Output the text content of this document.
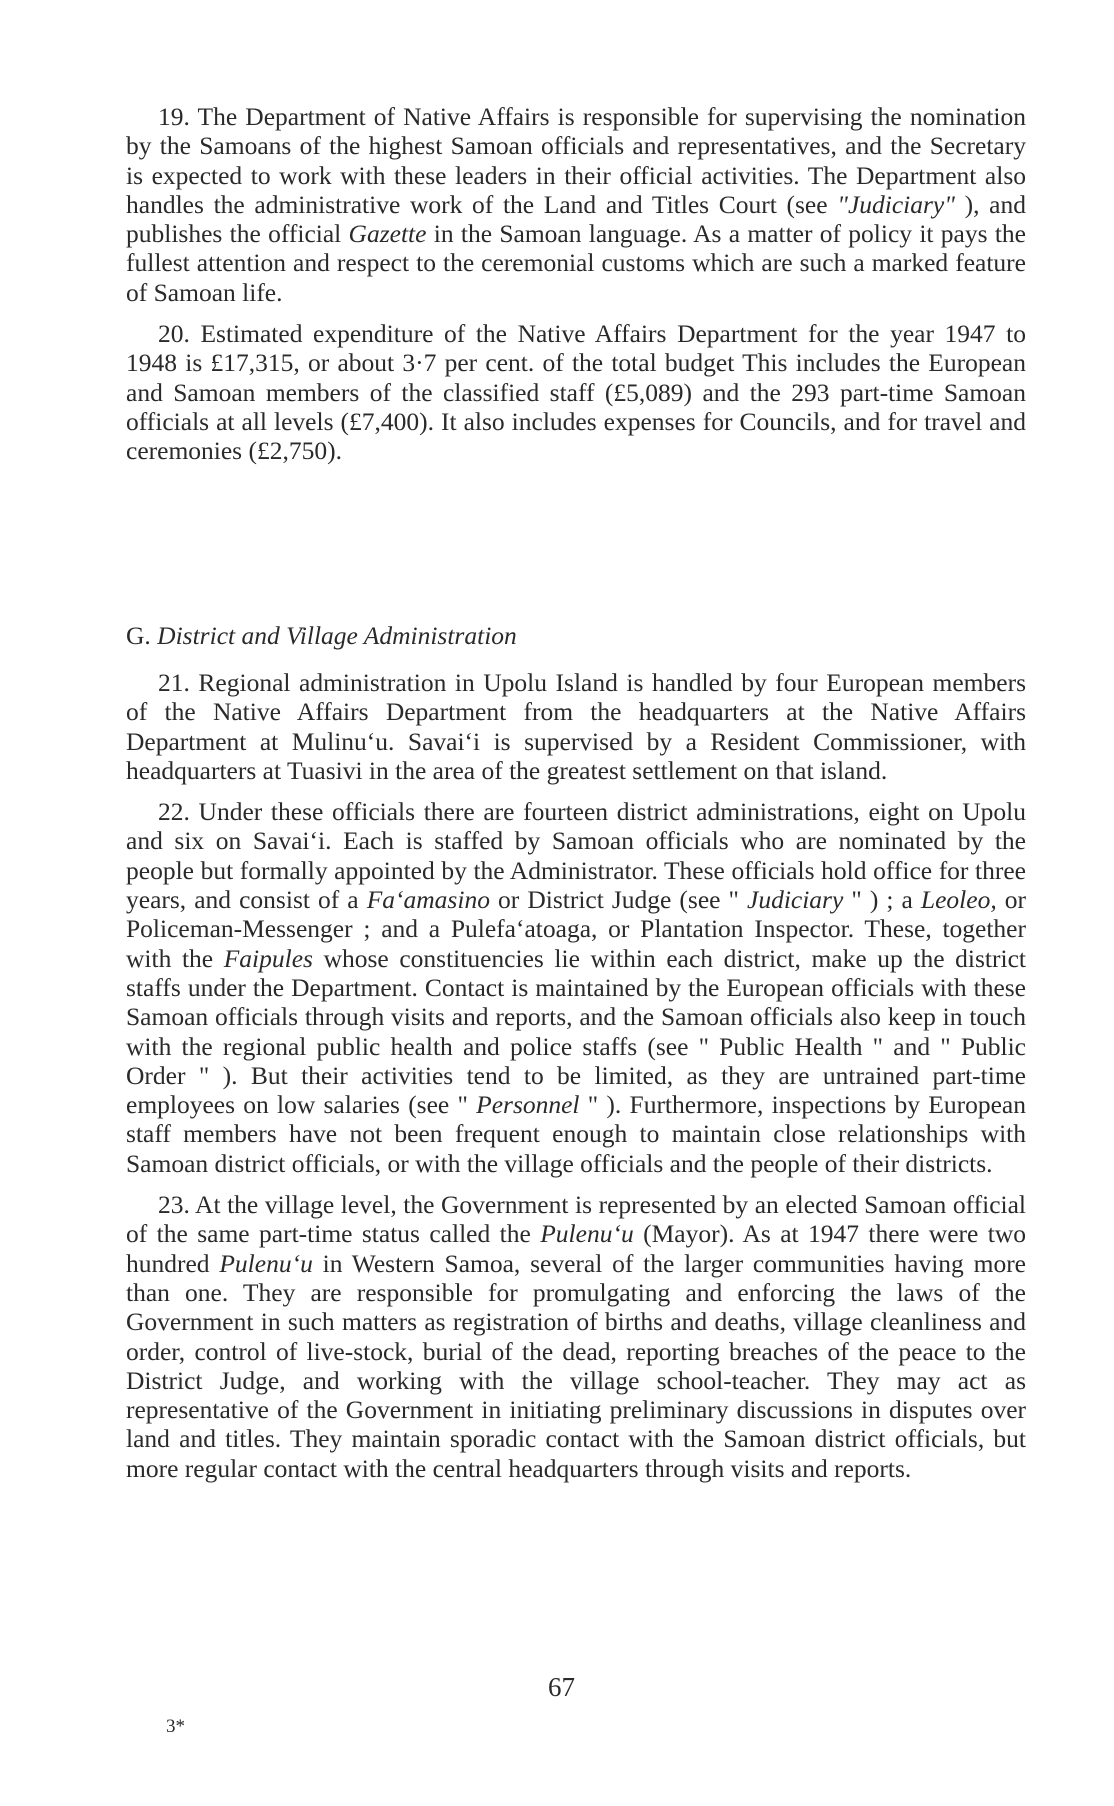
19. The Department of Native Affairs is responsible for supervising the nomination by the Samoans of the highest Samoan officials and representatives, and the Secretary is expected to work with these leaders in their official activities. The Department also handles the administrative work of the Land and Titles Court (see "Judiciary" ), and publishes the official Gazette in the Samoan language. As a matter of policy it pays the fullest attention and respect to the ceremonial customs which are such a marked feature of Samoan life.

20. Estimated expenditure of the Native Affairs Department for the year 1947 to 1948 is £17,315, or about 3·7 per cent. of the total budget This includes the European and Samoan members of the classified staff (£5,089) and the 293 part-time Samoan officials at all levels (£7,400). It also includes expenses for Councils, and for travel and ceremonies (£2,750).

G. District and Village Administration

21. Regional administration in Upolu Island is handled by four European members of the Native Affairs Department from the headquarters at the Native Affairs Department at Mulinu‘u. Savai‘i is supervised by a Resident Commissioner, with headquarters at Tuasivi in the area of the greatest settlement on that island.

22. Under these officials there are fourteen district administrations, eight on Upolu and six on Savai‘i. Each is staffed by Samoan officials who are nominated by the people but formally appointed by the Administrator. These officials hold office for three years, and consist of a Fa‘amasino or District Judge (see " Judiciary " ) ; a Leoleo, or Policeman-Messenger ; and a Pulefa‘atoaga, or Plantation Inspector. These, together with the Faipules whose constituencies lie within each district, make up the district staffs under the Department. Contact is maintained by the European officials with these Samoan officials through visits and reports, and the Samoan officials also keep in touch with the regional public health and police staffs (see " Public Health " and " Public Order " ). But their activities tend to be limited, as they are untrained part-time employees on low salaries (see " Personnel " ). Furthermore, inspections by European staff members have not been frequent enough to maintain close relationships with Samoan district officials, or with the village officials and the people of their districts.

23. At the village level, the Government is represented by an elected Samoan official of the same part-time status called the Pulenu‘u (Mayor). As at 1947 there were two hundred Pulenu‘u in Western Samoa, several of the larger communities having more than one. They are responsible for promulgating and enforcing the laws of the Government in such matters as registration of births and deaths, village cleanliness and order, control of live-stock, burial of the dead, reporting breaches of the peace to the District Judge, and working with the village school-teacher. They may act as representative of the Government in initiating preliminary discussions in disputes over land and titles. They maintain sporadic contact with the Samoan district officials, but more regular contact with the central headquarters through visits and reports.

67
3*
